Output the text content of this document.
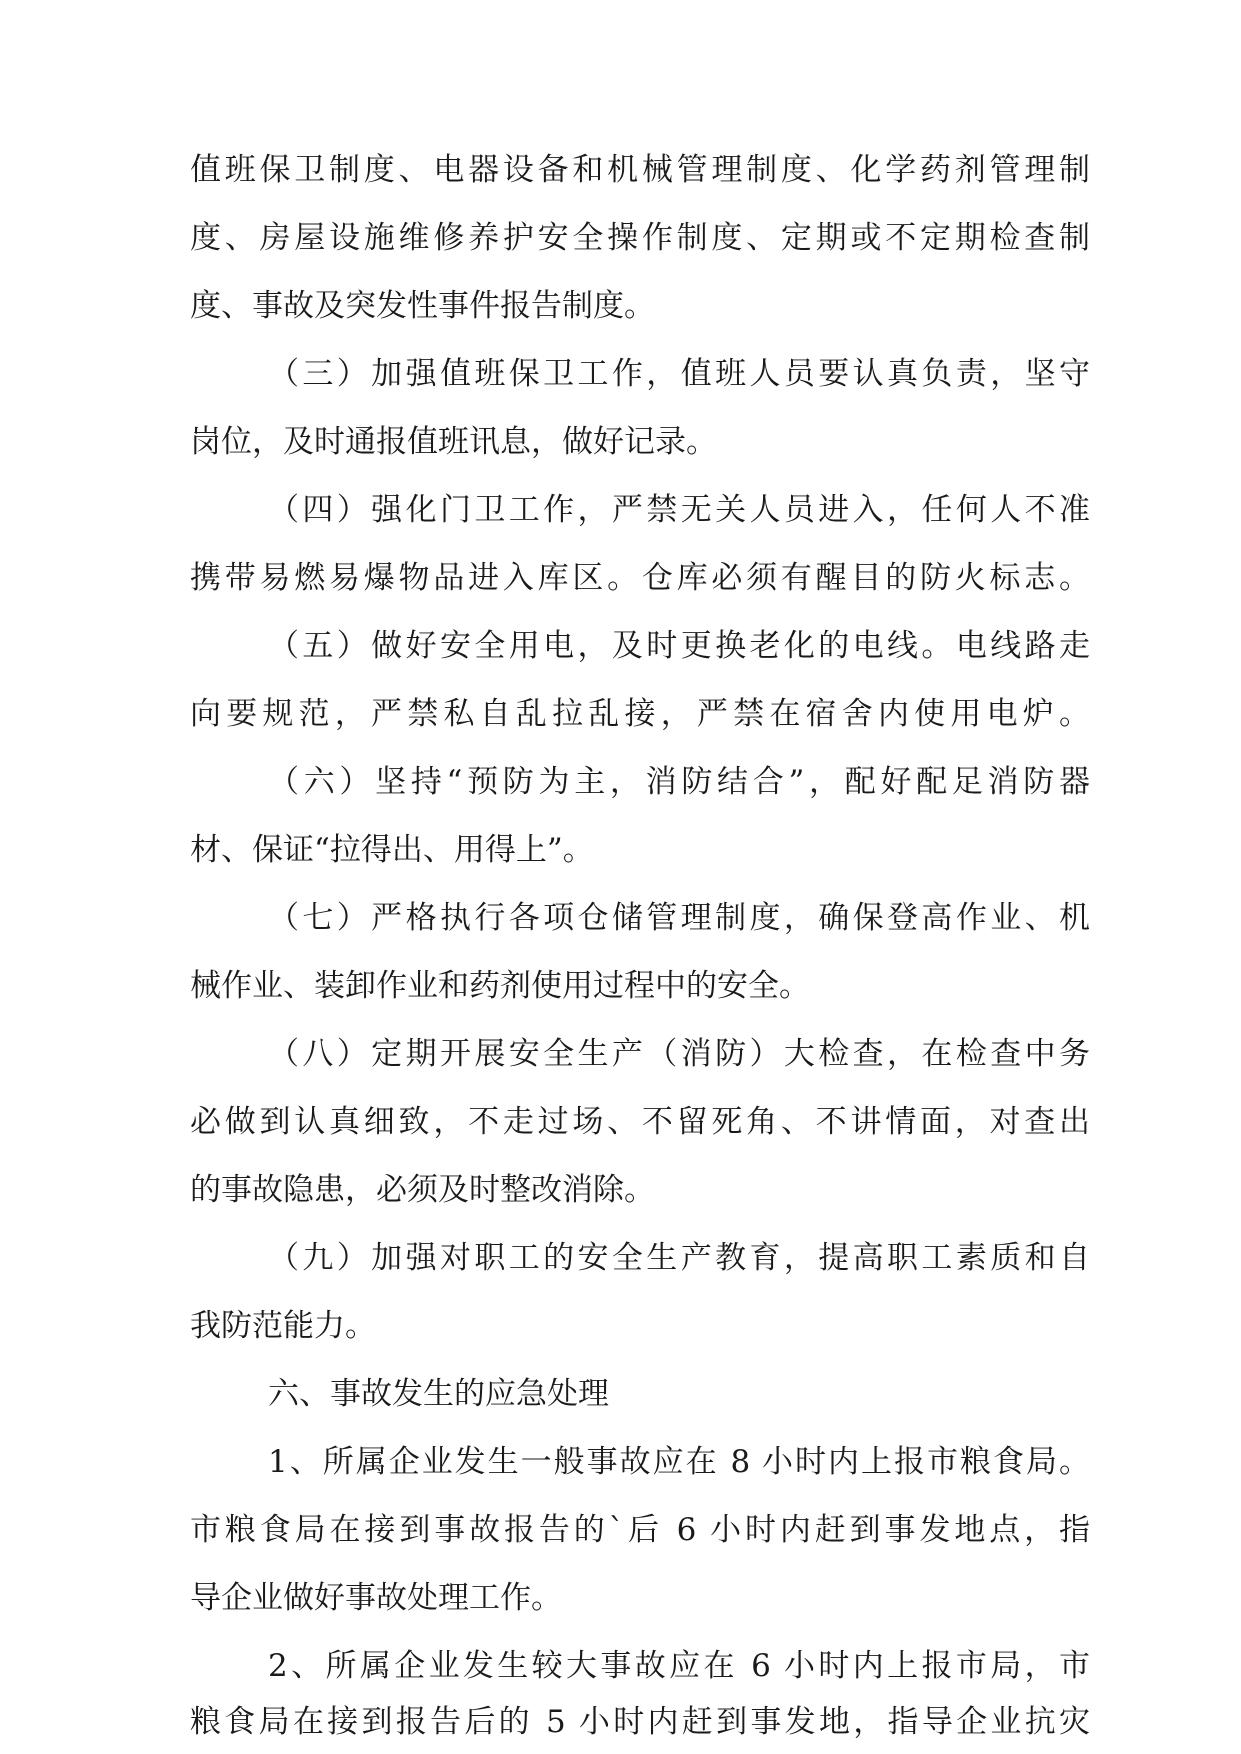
值班保卫制度、电器设备和机械管理制度、化学药剂管理制
度、房屋设施维修养护安全操作制度、定期或不定期检查制
度、事故及突发性事件报告制度。
（三）加强值班保卫工作，值班人员要认真负责，坚守
岗位，及时通报值班讯息，做好记录。
（四）强化门卫工作，严禁无关人员进入，任何人不准
携带易燃易爆物品进入库区。仓库必须有醒目的防火标志。
（五）做好安全用电，及时更换老化的电线。电线路走
向要规范，严禁私自乱拉乱接，严禁在宿舍内使用电炉。
（六）坚持“预防为主，消防结合”，配好配足消防器
材、保证“拉得出、用得上”。
（七）严格执行各项仓储管理制度，确保登高作业、机
械作业、装卸作业和药剂使用过程中的安全。
（八）定期开展安全生产（消防）大检查，在检查中务
必做到认真细致，不走过场、不留死角、不讲情面，对查出
的事故隐患，必须及时整改消除。
（九）加强对职工的安全生产教育，提高职工素质和自
我防范能力。
六、事故发生的应急处理
1、所属企业发生一般事故应在 8 小时内上报市粮食局。
市粮食局在接到事故报告的`后 6 小时内赶到事发地点，指
导企业做好事故处理工作。
2、所属企业发生较大事故应在 6 小时内上报市局，市
粮食局在接到报告后的 5 小时内赶到事发地，指导企业抗灾
